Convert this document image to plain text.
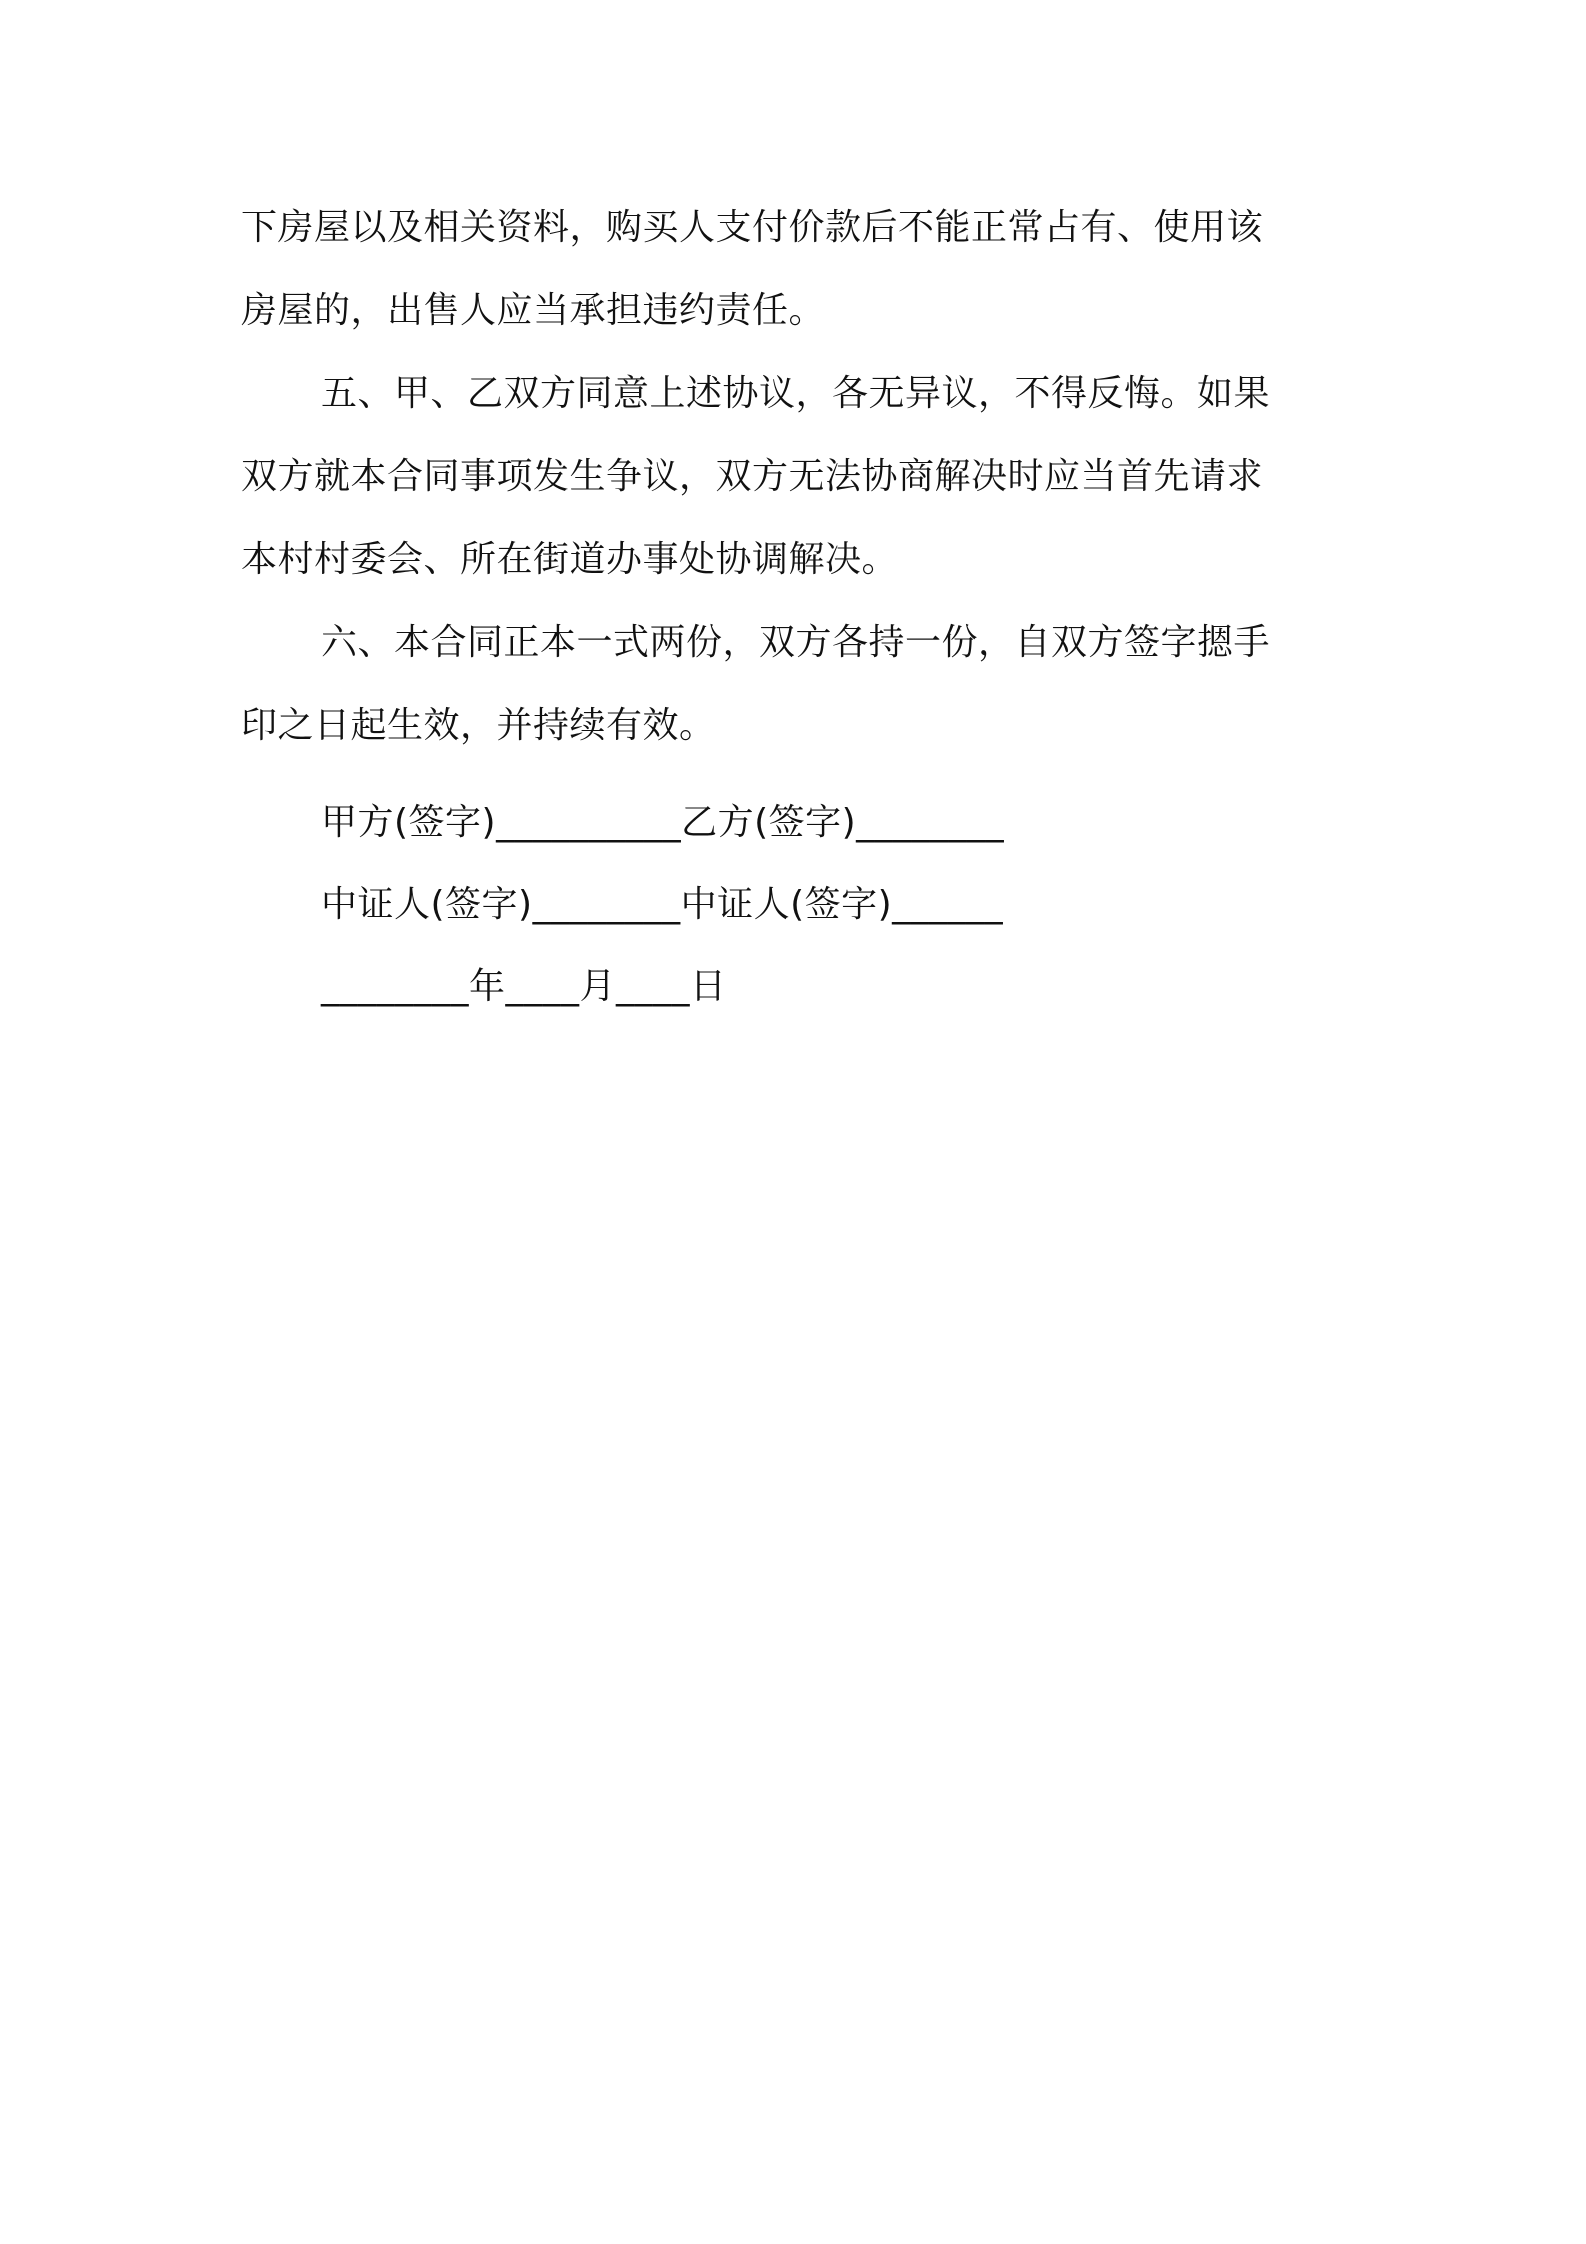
下房屋以及相关资料，购买人支付价款后不能正常占有、使用该
房屋的，出售人应当承担违约责任。
五、甲、乙双方同意上述协议，各无异议，不得反悔。如果
双方就本合同事项发生争议，双方无法协商解决时应当首先请求
本村村委会、所在街道办事处协调解决。
六、本合同正本一式两份，双方各持一份，自双方签字摁手
印之日起生效，并持续有效。
甲方(签字)__________乙方(签字)________
中证人(签字)________中证人(签字)______
________年____月____日
